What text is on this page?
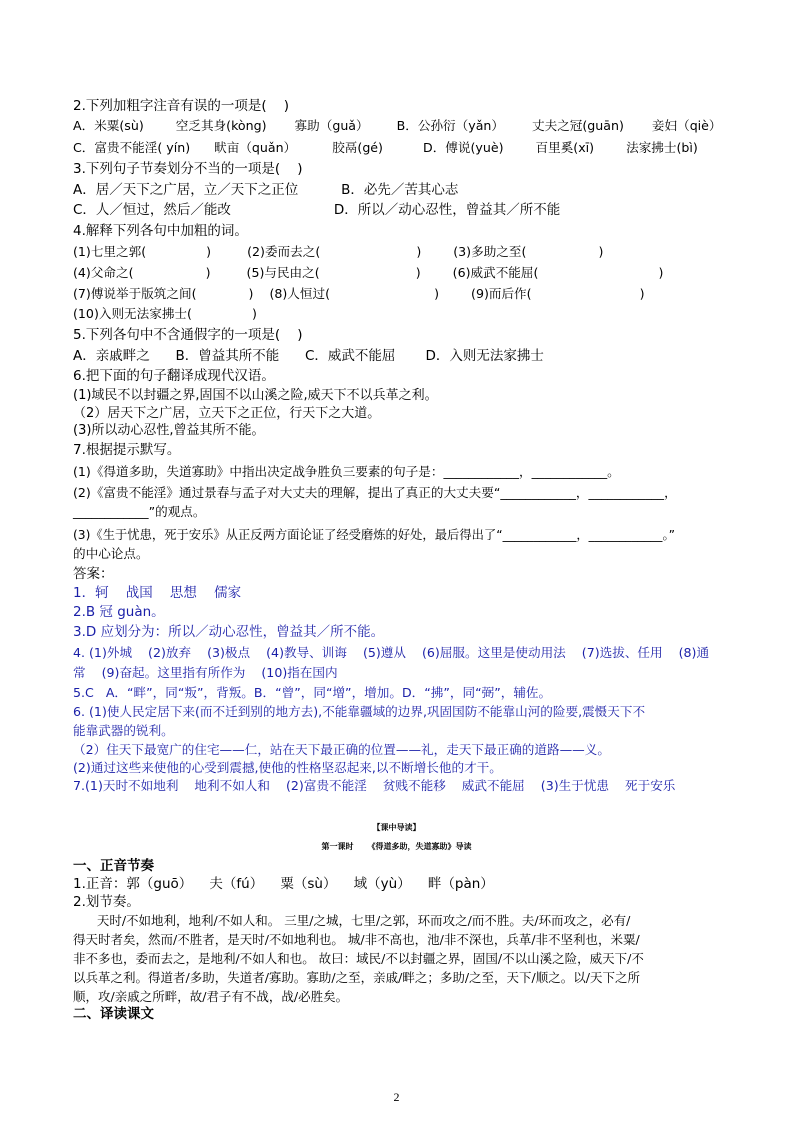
2.下列加粗字注音有误的一项是(    )
A．米粟(sù)        空乏其身(kòng)       寡助（guǎ）       B．公孙衍（yǎn）       丈夫之冠(guān)       妾妇（qiè）
C．富贵不能淫( yín)      畎亩（quǎn）         胶鬲(gé)          D．傅说(yuè)        百里奚(xī)        法家拂士(bì)
3.下列句子节奏划分不当的一项是(    )
A．居／天下之广居，立／天下之正位          B．必先／苦其心志
C．人／恒过，然后／能改                        D．所以／动心忍性，曾益其／所不能
4.解释下列各句中加粗的词。
(1)七里之郭(               )         (2)委而去之(                        )        (3)多助之至(                  )
(4)父命之(                  )         (5)与民由之(                        )        (6)威武不能屈(                              )
(7)傅说举于版筑之间(             )    (8)人恒过(                          )        (9)而后作(                           )
(10)入则无法家拂士(               )
5.下列各句中不含通假字的一项是(    )
A．亲戚畔之      B．曾益其所不能      C．威武不能屈       D．入则无法家拂士
6.把下面的句子翻译成现代汉语。
(1)域民不以封疆之界,固国不以山溪之险,威天下不以兵革之利。
（2）居天下之广居，立天下之正位，行天下之大道。
(3)所以动心忍性,曾益其所不能。
7.根据提示默写。
(1)《得道多助，失道寡助》中指出决定战争胜负三要素的句子是：____________，____________。
(2)《富贵不能淫》通过景春与孟子对大丈夫的理解，提出了真正的大丈夫要“____________，____________，
____________”的观点。
(3)《生于忧患，死于安乐》从正反两方面论证了经受磨炼的好处，最后得出了“____________，____________。”
的中心论点。
答案：
1．轲    战国    思想    儒家
2.B 冠 guàn。
3.D 应划分为：所以／动心忍性，曾益其／所不能。
4. (1)外城    (2)放弃    (3)极点    (4)教导、训诲    (5)遵从    (6)屈服。这里是使动用法    (7)选拔、任用    (8)通
常    (9)奋起。这里指有所作为    (10)指在国内
5.C   A．“畔”，同“叛”，背叛。B．“曾”，同“增”，增加。D．“拂”，同“弼”，辅佐。
6. (1)使人民定居下来(而不迁到别的地方去),不能靠疆域的边界,巩固国防不能靠山河的险要,震慑天下不
能靠武器的锐利。
（2）住天下最宽广的住宅——仁，站在天下最正确的位置——礼，走天下最正确的道路——义。
(2)通过这些来使他的心受到震撼,使他的性格坚忍起来,以不断增长他的才干。
7.(1)天时不如地利    地利不如人和    (2)富贵不能淫    贫贱不能移    威武不能屈    (3)生于忧患    死于安乐
【课中导读】
第一课时     《得道多助，失道寡助》导读
一、正音节奏
1.正音：郭（guō）    夫（fú）    粟（sù）    域（yù）    畔（pàn）
2.划节奏。
天时/不如地利，地利/不如人和。 三里/之城，七里/之郭，环而攻之/而不胜。夫/环而攻之，必有/
得天时者矣，然而/不胜者，是天时/不如地利也。 城/非不高也，池/非不深也，兵革/非不坚利也，米粟/
非不多也，委而去之，是地利/不如人和也。 故曰：域民/不以封疆之界，固国/不以山溪之险，威天下/不
以兵革之利。得道者/多助，失道者/寡助。寡助/之至，亲戚/畔之；多助/之至，天下/顺之。以/天下之所
顺，攻/亲戚之所畔，故/君子有不战，战/必胜矣。
二、译读课文
2
